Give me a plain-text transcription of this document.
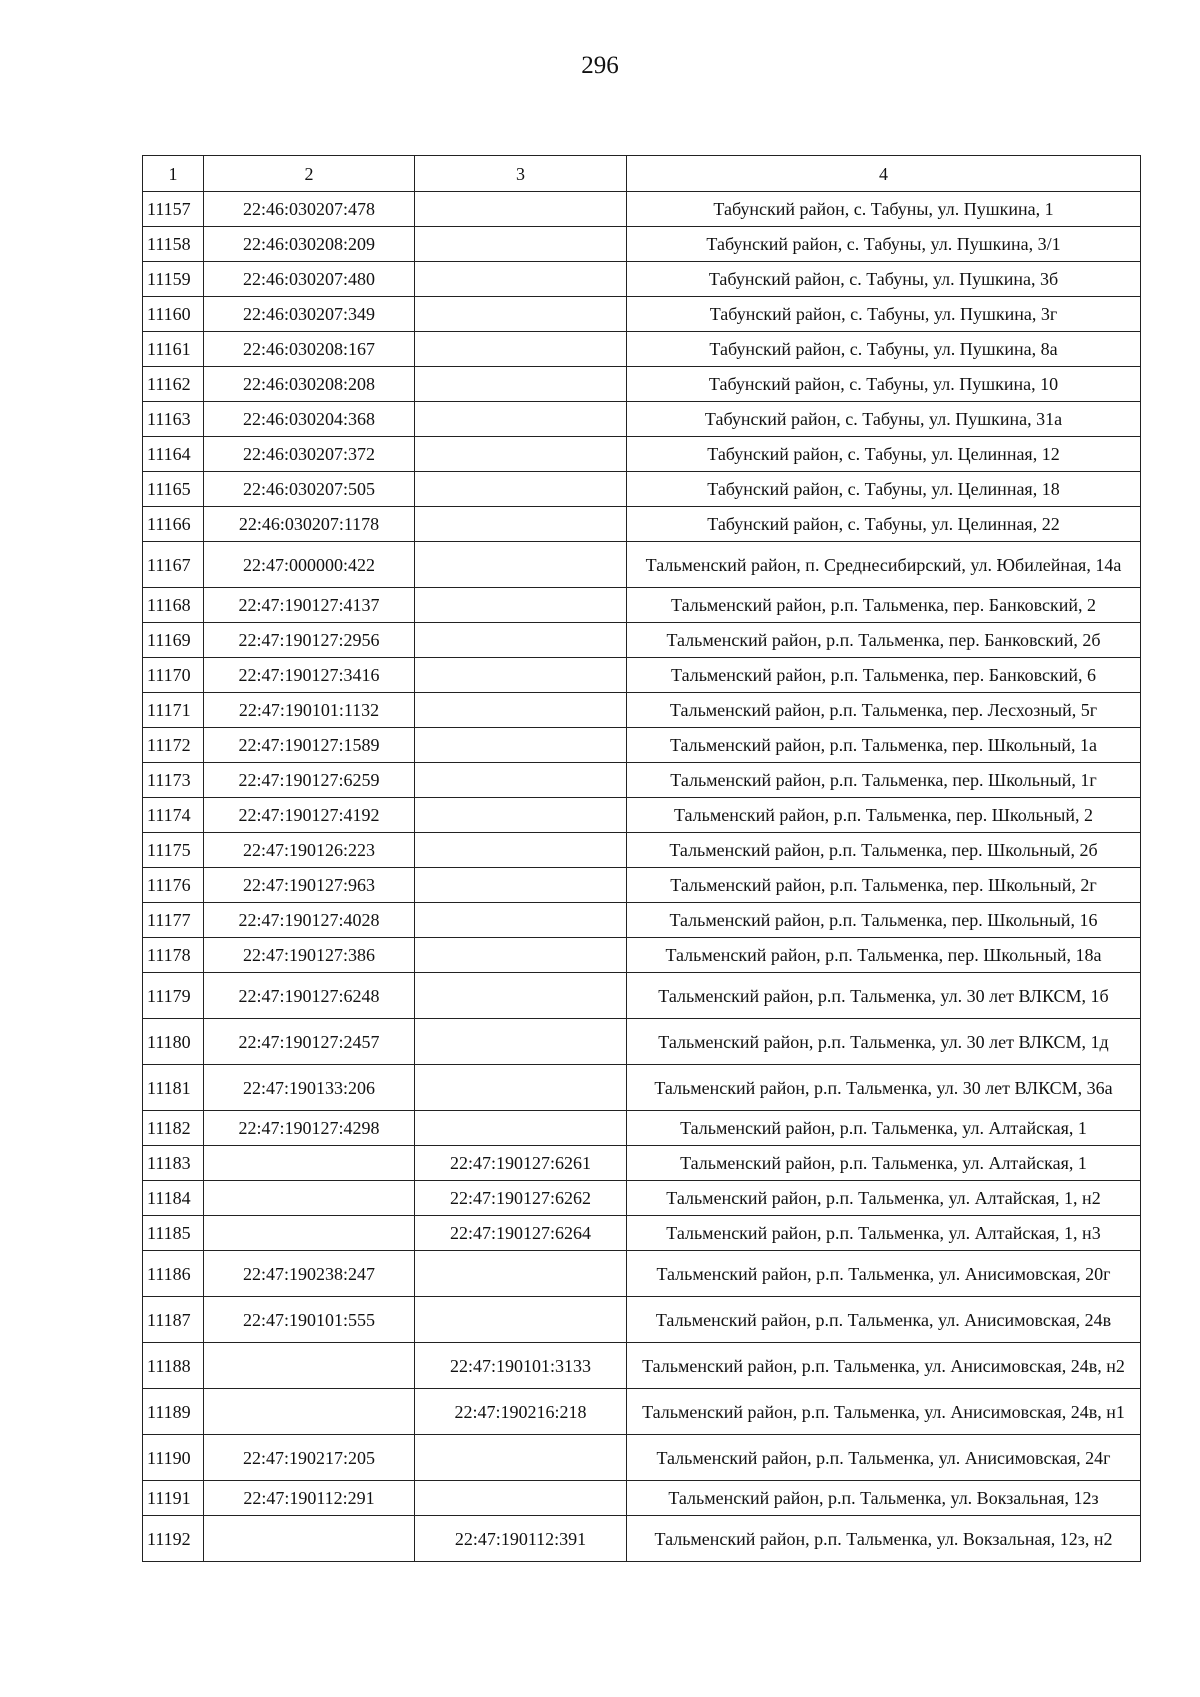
296
1	2	3	4
11157	22:46:030207:478		Табунский район, с. Табуны, ул. Пушкина, 1
11158	22:46:030208:209		Табунский район, с. Табуны, ул. Пушкина, 3/1
11159	22:46:030207:480		Табунский район, с. Табуны, ул. Пушкина, 3б
11160	22:46:030207:349		Табунский район, с. Табуны, ул. Пушкина, 3г
11161	22:46:030208:167		Табунский район, с. Табуны, ул. Пушкина, 8а
11162	22:46:030208:208		Табунский район, с. Табуны, ул. Пушкина, 10
11163	22:46:030204:368		Табунский район, с. Табуны, ул. Пушкина, 31а
11164	22:46:030207:372		Табунский район, с. Табуны, ул. Целинная, 12
11165	22:46:030207:505		Табунский район, с. Табуны, ул. Целинная, 18
11166	22:46:030207:1178		Табунский район, с. Табуны, ул. Целинная, 22
11167	22:47:000000:422		Тальменский район, п. Среднесибирский, ул. Юбилейная, 14а
11168	22:47:190127:4137		Тальменский район, р.п. Тальменка, пер. Банковский, 2
11169	22:47:190127:2956		Тальменский район, р.п. Тальменка, пер. Банковский, 2б
11170	22:47:190127:3416		Тальменский район, р.п. Тальменка, пер. Банковский, 6
11171	22:47:190101:1132		Тальменский район, р.п. Тальменка, пер. Лесхозный, 5г
11172	22:47:190127:1589		Тальменский район, р.п. Тальменка, пер. Школьный, 1а
11173	22:47:190127:6259		Тальменский район, р.п. Тальменка, пер. Школьный, 1г
11174	22:47:190127:4192		Тальменский район, р.п. Тальменка, пер. Школьный, 2
11175	22:47:190126:223		Тальменский район, р.п. Тальменка, пер. Школьный, 2б
11176	22:47:190127:963		Тальменский район, р.п. Тальменка, пер. Школьный, 2г
11177	22:47:190127:4028		Тальменский район, р.п. Тальменка, пер. Школьный, 16
11178	22:47:190127:386		Тальменский район, р.п. Тальменка, пер. Школьный, 18а
11179	22:47:190127:6248		Тальменский район, р.п. Тальменка, ул. 30 лет ВЛКСМ, 1б
11180	22:47:190127:2457		Тальменский район, р.п. Тальменка, ул. 30 лет ВЛКСМ, 1д
11181	22:47:190133:206		Тальменский район, р.п. Тальменка, ул. 30 лет ВЛКСМ, 36а
11182	22:47:190127:4298		Тальменский район, р.п. Тальменка, ул. Алтайская, 1
11183		22:47:190127:6261	Тальменский район, р.п. Тальменка, ул. Алтайская, 1
11184		22:47:190127:6262	Тальменский район, р.п. Тальменка, ул. Алтайская, 1, н2
11185		22:47:190127:6264	Тальменский район, р.п. Тальменка, ул. Алтайская, 1, н3
11186	22:47:190238:247		Тальменский район, р.п. Тальменка, ул. Анисимовская, 20г
11187	22:47:190101:555		Тальменский район, р.п. Тальменка, ул. Анисимовская, 24в
11188		22:47:190101:3133	Тальменский район, р.п. Тальменка, ул. Анисимовская, 24в, н2
11189		22:47:190216:218	Тальменский район, р.п. Тальменка, ул. Анисимовская, 24в, н1
11190	22:47:190217:205		Тальменский район, р.п. Тальменка, ул. Анисимовская, 24г
11191	22:47:190112:291		Тальменский район, р.п. Тальменка, ул. Вокзальная, 12з
11192		22:47:190112:391	Тальменский район, р.п. Тальменка, ул. Вокзальная, 12з, н2
